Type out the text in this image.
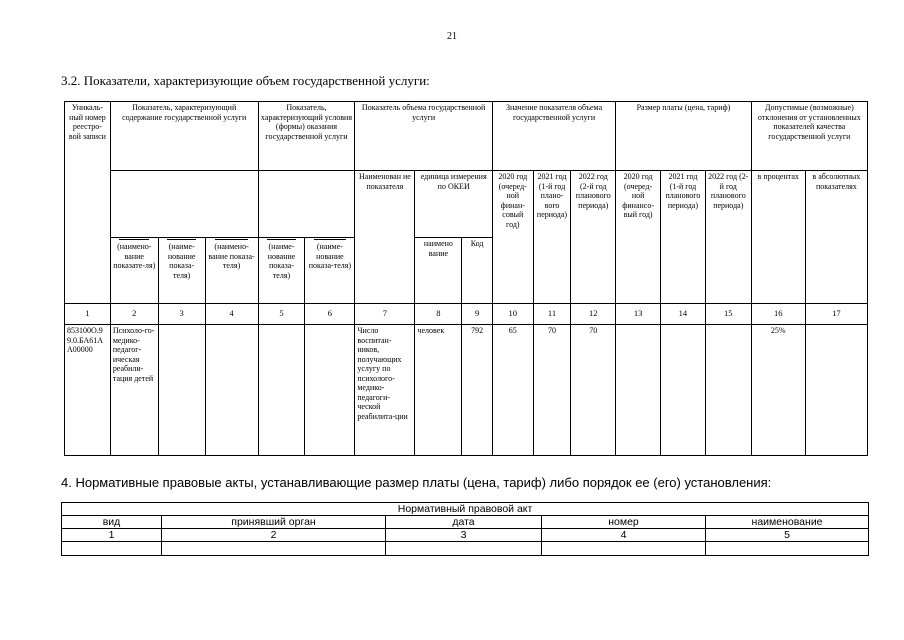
21
3.2. Показатели, характеризующие объем государственной услуги:
Уникаль-ный номер реестро-вой записи	Показатель, характеризующий содержание государственной услуги			Показатель, характеризующий условия (формы) оказания государственной услуги		Показатель объема государственной услуги			Значение показателя объема государственной услуги			Размер платы (цена, тариф)			Допустимые (возможные) отклонения от установленных показателей качества государственной услуги	
						Наименован ие показателя	единица измерения по ОКЕИ		2020 год (очеред-ной финан-совый год)	2021 год (1-й год плано-вого периода)	2022 год (2-й год планового периода)	2020 год (очеред-ной финансо-вый год)	2021 год (1-й год планового периода)	2022 год (2-й год планового периода)	в процентах	в абсолютных показателях

(наимено-вание показате-ля)	(наиме-нование показа-теля)	(наимено-вание показа-теля)	(наиме-нование показа-теля)	(наиме-нование показа-теля)		наимено вание	Код								
1	2	3	4	5	6	7	8	9	10	11	12	13	14	15	16	17
853100О.99.0.БА61АА00000	Психоло-го-медико-педагог-ическая реабили-тация детей					Число воспитан-ников, получающих услугу по психолого-медико-педагоги-ческой реабилита-ции	человек	792	65	70	70				25%	
4. Нормативные правовые акты, устанавливающие размер платы (цена, тариф) либо порядок ее (его) установления:
Нормативный правовой акт				
вид	принявший орган	дата	номер	наименование
1	2	3	4	5
